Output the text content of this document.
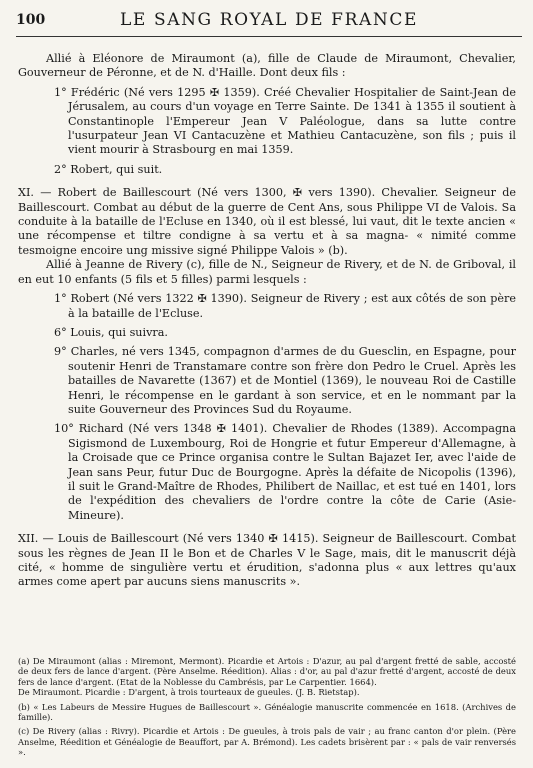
100	LE SANG ROYAL DE FRANCE

Allié à Eléonore de Miraumont (a), fille de Claude de Miraumont, Chevalier, Gouverneur de Péronne, et de N. d'Haille. Dont deux fils :

1° Frédéric (Né vers 1295 ✠ 1359). Créé Chevalier Hospitalier de Saint-Jean de Jérusalem, au cours d'un voyage en Terre Sainte. De 1341 à 1355 il soutient à Constantinople l'Empereur Jean V Paléologue, dans sa lutte contre l'usurpateur Jean VI Cantacuzène et Mathieu Cantacuzène, son fils ; puis il vient mourir à Strasbourg en mai 1359.

2° Robert, qui suit.

XI. — Robert de Baillescourt (Né vers 1300, ✠ vers 1390). Chevalier. Seigneur de Baillescourt. Combat au début de la guerre de Cent Ans, sous Philippe VI de Valois. Sa conduite à la bataille de l'Ecluse en 1340, où il est blessé, lui vaut, dit le texte ancien « une récompense et tiltre condigne à sa vertu et à sa magna- « nimité comme tesmoigne encoire ung missive signé Philippe Valois » (b).

Allié à Jeanne de Rivery (c), fille de N., Seigneur de Rivery, et de N. de Griboval, il en eut 10 enfants (5 fils et 5 filles) parmi lesquels :

1° Robert (Né vers 1322 ✠ 1390). Seigneur de Rivery ; est aux côtés de son père à la bataille de l'Ecluse.

6° Louis, qui suivra.

9° Charles, né vers 1345, compagnon d'armes de du Guesclin, en Espagne, pour soutenir Henri de Transtamare contre son frère don Pedro le Cruel. Après les batailles de Navarette (1367) et de Montiel (1369), le nouveau Roi de Castille Henri, le récompense en le gardant à son service, et en le nommant par la suite Gouverneur des Provinces Sud du Royaume.

10° Richard (Né vers 1348 ✠ 1401). Chevalier de Rhodes (1389). Accompagna Sigismond de Luxembourg, Roi de Hongrie et futur Empereur d'Allemagne, à la Croisade que ce Prince organisa contre le Sultan Bajazet Ier, avec l'aide de Jean sans Peur, futur Duc de Bourgogne. Après la défaite de Nicopolis (1396), il suit le Grand-Maître de Rhodes, Philibert de Naillac, et est tué en 1401, lors de l'expédition des chevaliers de l'ordre contre la côte de Carie (Asie-Mineure).

XII. — Louis de Baillescourt (Né vers 1340 ✠ 1415). Seigneur de Baillescourt. Combat sous les règnes de Jean II le Bon et de Charles V le Sage, mais, dit le manuscrit déjà cité, « homme de singulière vertu et érudition, s'adonna plus « aux lettres qu'aux armes come apert par aucuns siens manuscrits ».

(a) De Miraumont (alias : Miremont, Mermont). Picardie et Artois : D'azur, au pal d'argent fretté de sable, accosté de deux fers de lance d'argent. (Père Anselme. Réedition). Alias : d'or, au pal d'azur fretté d'argent, accosté de deux fers de lance d'argent. (Etat de la Noblesse du Cambrésis, par Le Carpentier. 1664).

De Miraumont. Picardie : D'argent, à trois tourteaux de gueules. (J. B. Rietstap).

(b) « Les Labeurs de Messire Hugues de Baillescourt ». Généalogie manuscrite commencée en 1618. (Archives de famille).

(c) De Rivery (alias : Rivry). Picardie et Artois : De gueules, à trois pals de vair ; au franc canton d'or plein. (Père Anselme, Réedition et Généalogie de Beauffort, par A. Brémond). Les cadets brisèrent par : « pals de vair renversés ».
